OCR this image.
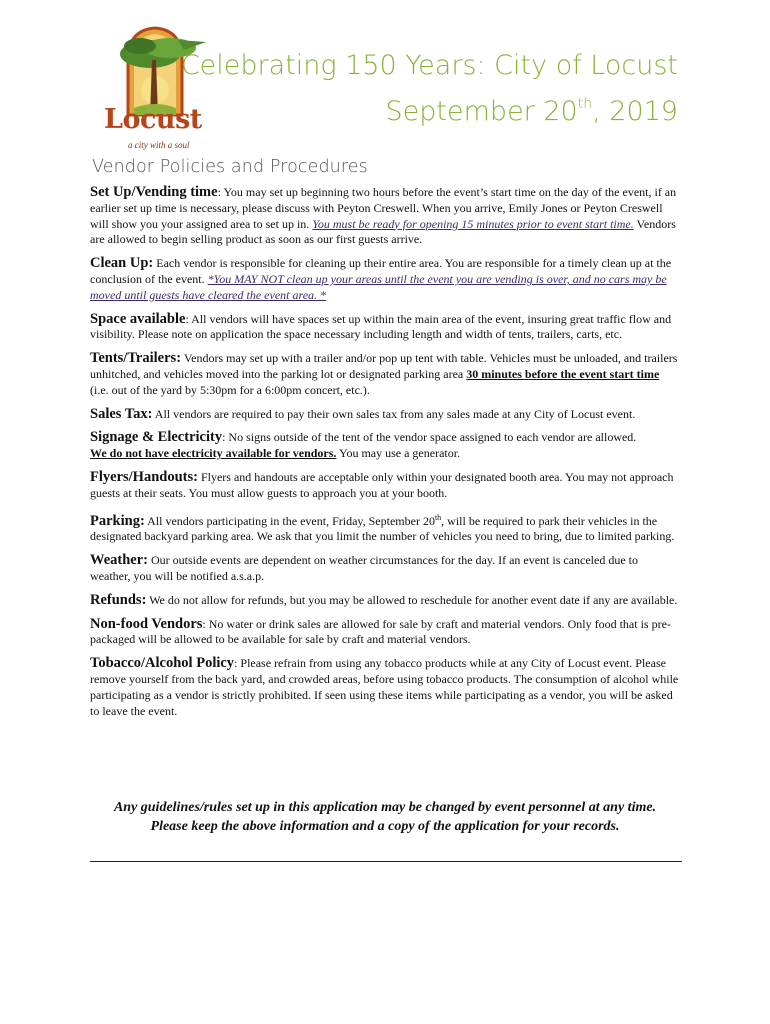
Locust
a city with a soul
Celebrating 150 Years: City of Locust
September 20th, 2019
Vendor Policies and Procedures

Set Up/Vending time: You may set up beginning two hours before the event’s start time on the day of the event, if an earlier set up time is necessary, please discuss with Peyton Creswell. When you arrive, Emily Jones or Peyton Creswell will show you your assigned area to set up in. You must be ready for opening 15 minutes prior to event start time. Vendors are allowed to begin selling product as soon as our first guests arrive.

Clean Up: Each vendor is responsible for cleaning up their entire area. You are responsible for a timely clean up at the conclusion of the event. *You MAY NOT clean up your areas until the event you are vending is over, and no cars may be moved until guests have cleared the event area. *

Space available: All vendors will have spaces set up within the main area of the event, insuring great traffic flow and visibility. Please note on application the space necessary including length and width of tents, trailers, carts, etc.

Tents/Trailers: Vendors may set up with a trailer and/or pop up tent with table. Vehicles must be unloaded, and trailers unhitched, and vehicles moved into the parking lot or designated parking area 30 minutes before the event start time (i.e. out of the yard by 5:30pm for a 6:00pm concert, etc.).

Sales Tax: All vendors are required to pay their own sales tax from any sales made at any City of Locust event.

Signage & Electricity: No signs outside of the tent of the vendor space assigned to each vendor are allowed.
We do not have electricity available for vendors. You may use a generator.

Flyers/Handouts: Flyers and handouts are acceptable only within your designated booth area. You may not approach guests at their seats. You must allow guests to approach you at your booth.

Parking: All vendors participating in the event, Friday, September 20th, will be required to park their vehicles in the designated backyard parking area. We ask that you limit the number of vehicles you need to bring, due to limited parking.

Weather: Our outside events are dependent on weather circumstances for the day. If an event is canceled due to weather, you will be notified a.s.a.p.

Refunds: We do not allow for refunds, but you may be allowed to reschedule for another event date if any are available.

Non-food Vendors: No water or drink sales are allowed for sale by craft and material vendors. Only food that is pre-packaged will be allowed to be available for sale by craft and material vendors.

Tobacco/Alcohol Policy: Please refrain from using any tobacco products while at any City of Locust event. Please remove yourself from the back yard, and crowded areas, before using tobacco products. The consumption of alcohol while participating as a vendor is strictly prohibited. If seen using these items while participating as a vendor, you will be asked to leave the event.

Any guidelines/rules set up in this application may be changed by event personnel at any time.
Please keep the above information and a copy of the application for your records.
